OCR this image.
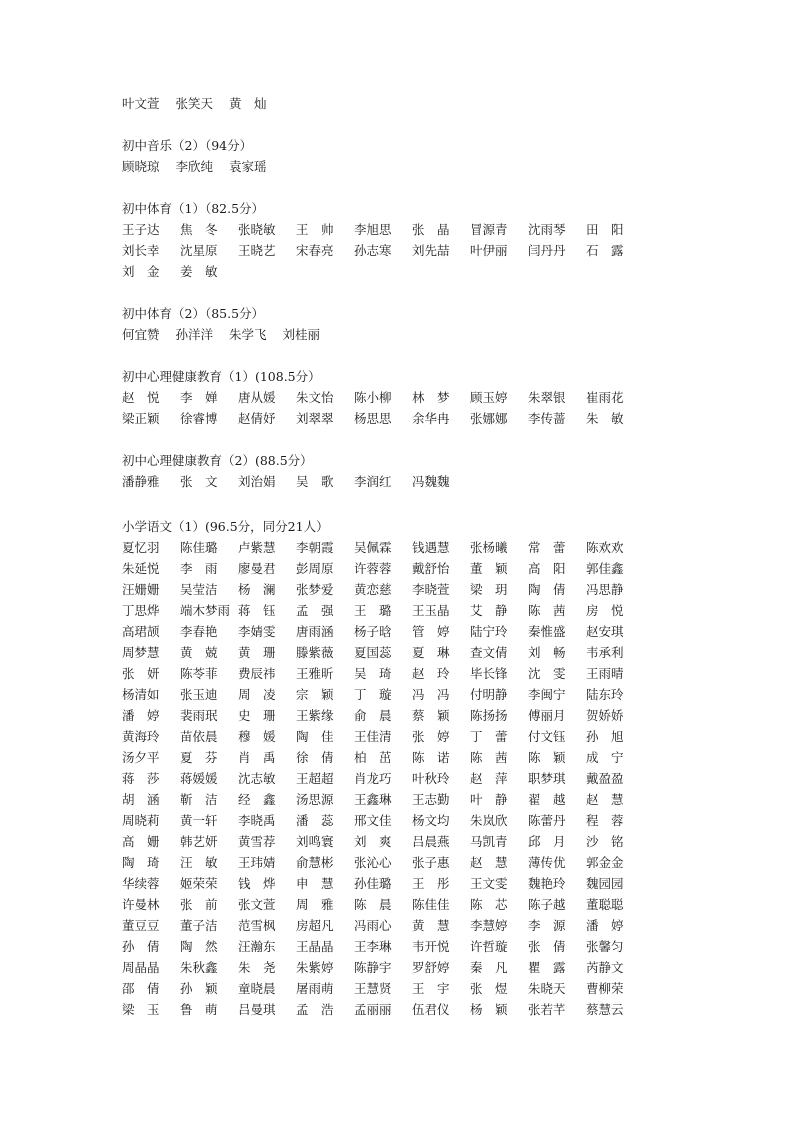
叶文萱 张笑天 黄　灿
初中音乐（2）（94分）
顾晓琼 李欣纯 袁家瑶
初中体育（1）（82.5分）
王子达	焦　冬	张晓敏	王　帅	李旭思	张　晶	冒源青	沈雨琴	田　阳
刘长幸	沈星原	王晓艺	宋春亮	孙志寒	刘先喆	叶伊丽	闫丹丹	石　露
刘　金	姜　敏
初中体育（2）（85.5分）
何宜赞 孙洋洋 朱学飞 刘桂丽
初中心理健康教育（1）(108.5分）
赵　悦	李　婵	唐从媛	朱文怡	陈小柳	林　梦	顾玉婷	朱翠银	崔雨花
梁正颖	徐睿博	赵倩妤	刘翠翠	杨思思	余华冉	张娜娜	李传蔷	朱　敏
初中心理健康教育（2）(88.5分）
潘静雅	张　文	刘治娟	吴　歌	李润红	冯魏魏
小学语文（1）(96.5分，同分21人）
夏忆羽	陈佳璐	卢紫慧	李朝霞	吴佩霖	钱遇慧	张杨曦	常　蕾	陈欢欢
朱延悦	李　雨	廖曼君	彭周原	许蓉蓉	戴舒怡	董　颖	高　阳	郭佳鑫
汪姗姗	吴莹洁	杨　澜	张梦爱	黄恋慈	李晓萱	梁　玥	陶　倩	冯思静
丁思烨	端木梦雨 蒋　钰	孟　强	王　璐	王玉晶	艾　静	陈　茜	房　悦
高珺颉	李春艳	李婧雯	唐雨涵	杨子晗	管　婷	陆宁玲	秦惟盛	赵安琪
周梦慧	黄　兢	黄　珊	滕紫薇	夏国蕊	夏　琳	查文倩	刘　畅	韦承利
张　妍	陈苓菲	费辰祎	王雅昕	吴　琦	赵　玲	毕长锋	沈　雯	王雨晴
杨清如	张玉迪	周　凌	宗　颖	丁　璇	冯　冯	付明静	李闽宁	陆东玲
潘　婷	裴雨珉	史　珊	王紫缘	俞　晨	蔡　颖	陈扬扬	傅丽月	贺娇娇
黄海玲	苗依晨	穆　媛	陶　佳	王佳清	张　婷	丁　蕾	付文钰	孙　旭
汤夕平	夏　芬	肖　禹	徐　倩	柏　茁	陈　诺	陈　茜	陈　颖	成　宁
蒋　莎	蒋媛媛	沈志敏	王超超	肖龙巧	叶秋玲	赵　萍	职梦琪	戴盈盈
胡　涵	靳　洁	经　鑫	汤思源	王鑫琳	王志勤	叶　静	翟　越	赵　慧
周晓莉	黄一轩	李晓禹	潘　蕊	邢文佳	杨文均	朱岚欣	陈蕾丹	程　蓉
高　姗	韩艺妍	黄雪荐	刘鸣寰	刘　爽	吕晨燕	马凯青	邱　月	沙　铭
陶　琦	汪　敏	王玮婧	俞慧彬	张沁心	张子惠	赵　慧	薄传优	郭金金
华续蓉	姬荣荣	钱　烨	申　慧	孙佳璐	王　彤	王文雯	魏艳玲	魏园园
许曼林	张　前	张文萱	周　雅	陈　晨	陈佳佳	陈　芯	陈子越	董聪聪
董豆豆	董子洁	范雪枫	房超凡	冯雨心	黄　慧	李慧婷	李　源	潘　婷
孙　倩	陶　然	汪瀚东	王晶晶	王李琳	韦开悦	许哲璇	张　倩	张馨匀
周晶晶	朱秋鑫	朱　尧	朱紫婷	陈静宇	罗舒婷	秦　凡	瞿　露	芮静文
邵　倩	孙　颖	童晓晨	屠雨萌	王慧贤	王　宇	张　煜	朱晓天	曹柳荣
梁　玉	鲁　萌	吕曼琪	孟　浩	孟丽丽	伍君仪	杨　颖	张若芊	蔡慧云
